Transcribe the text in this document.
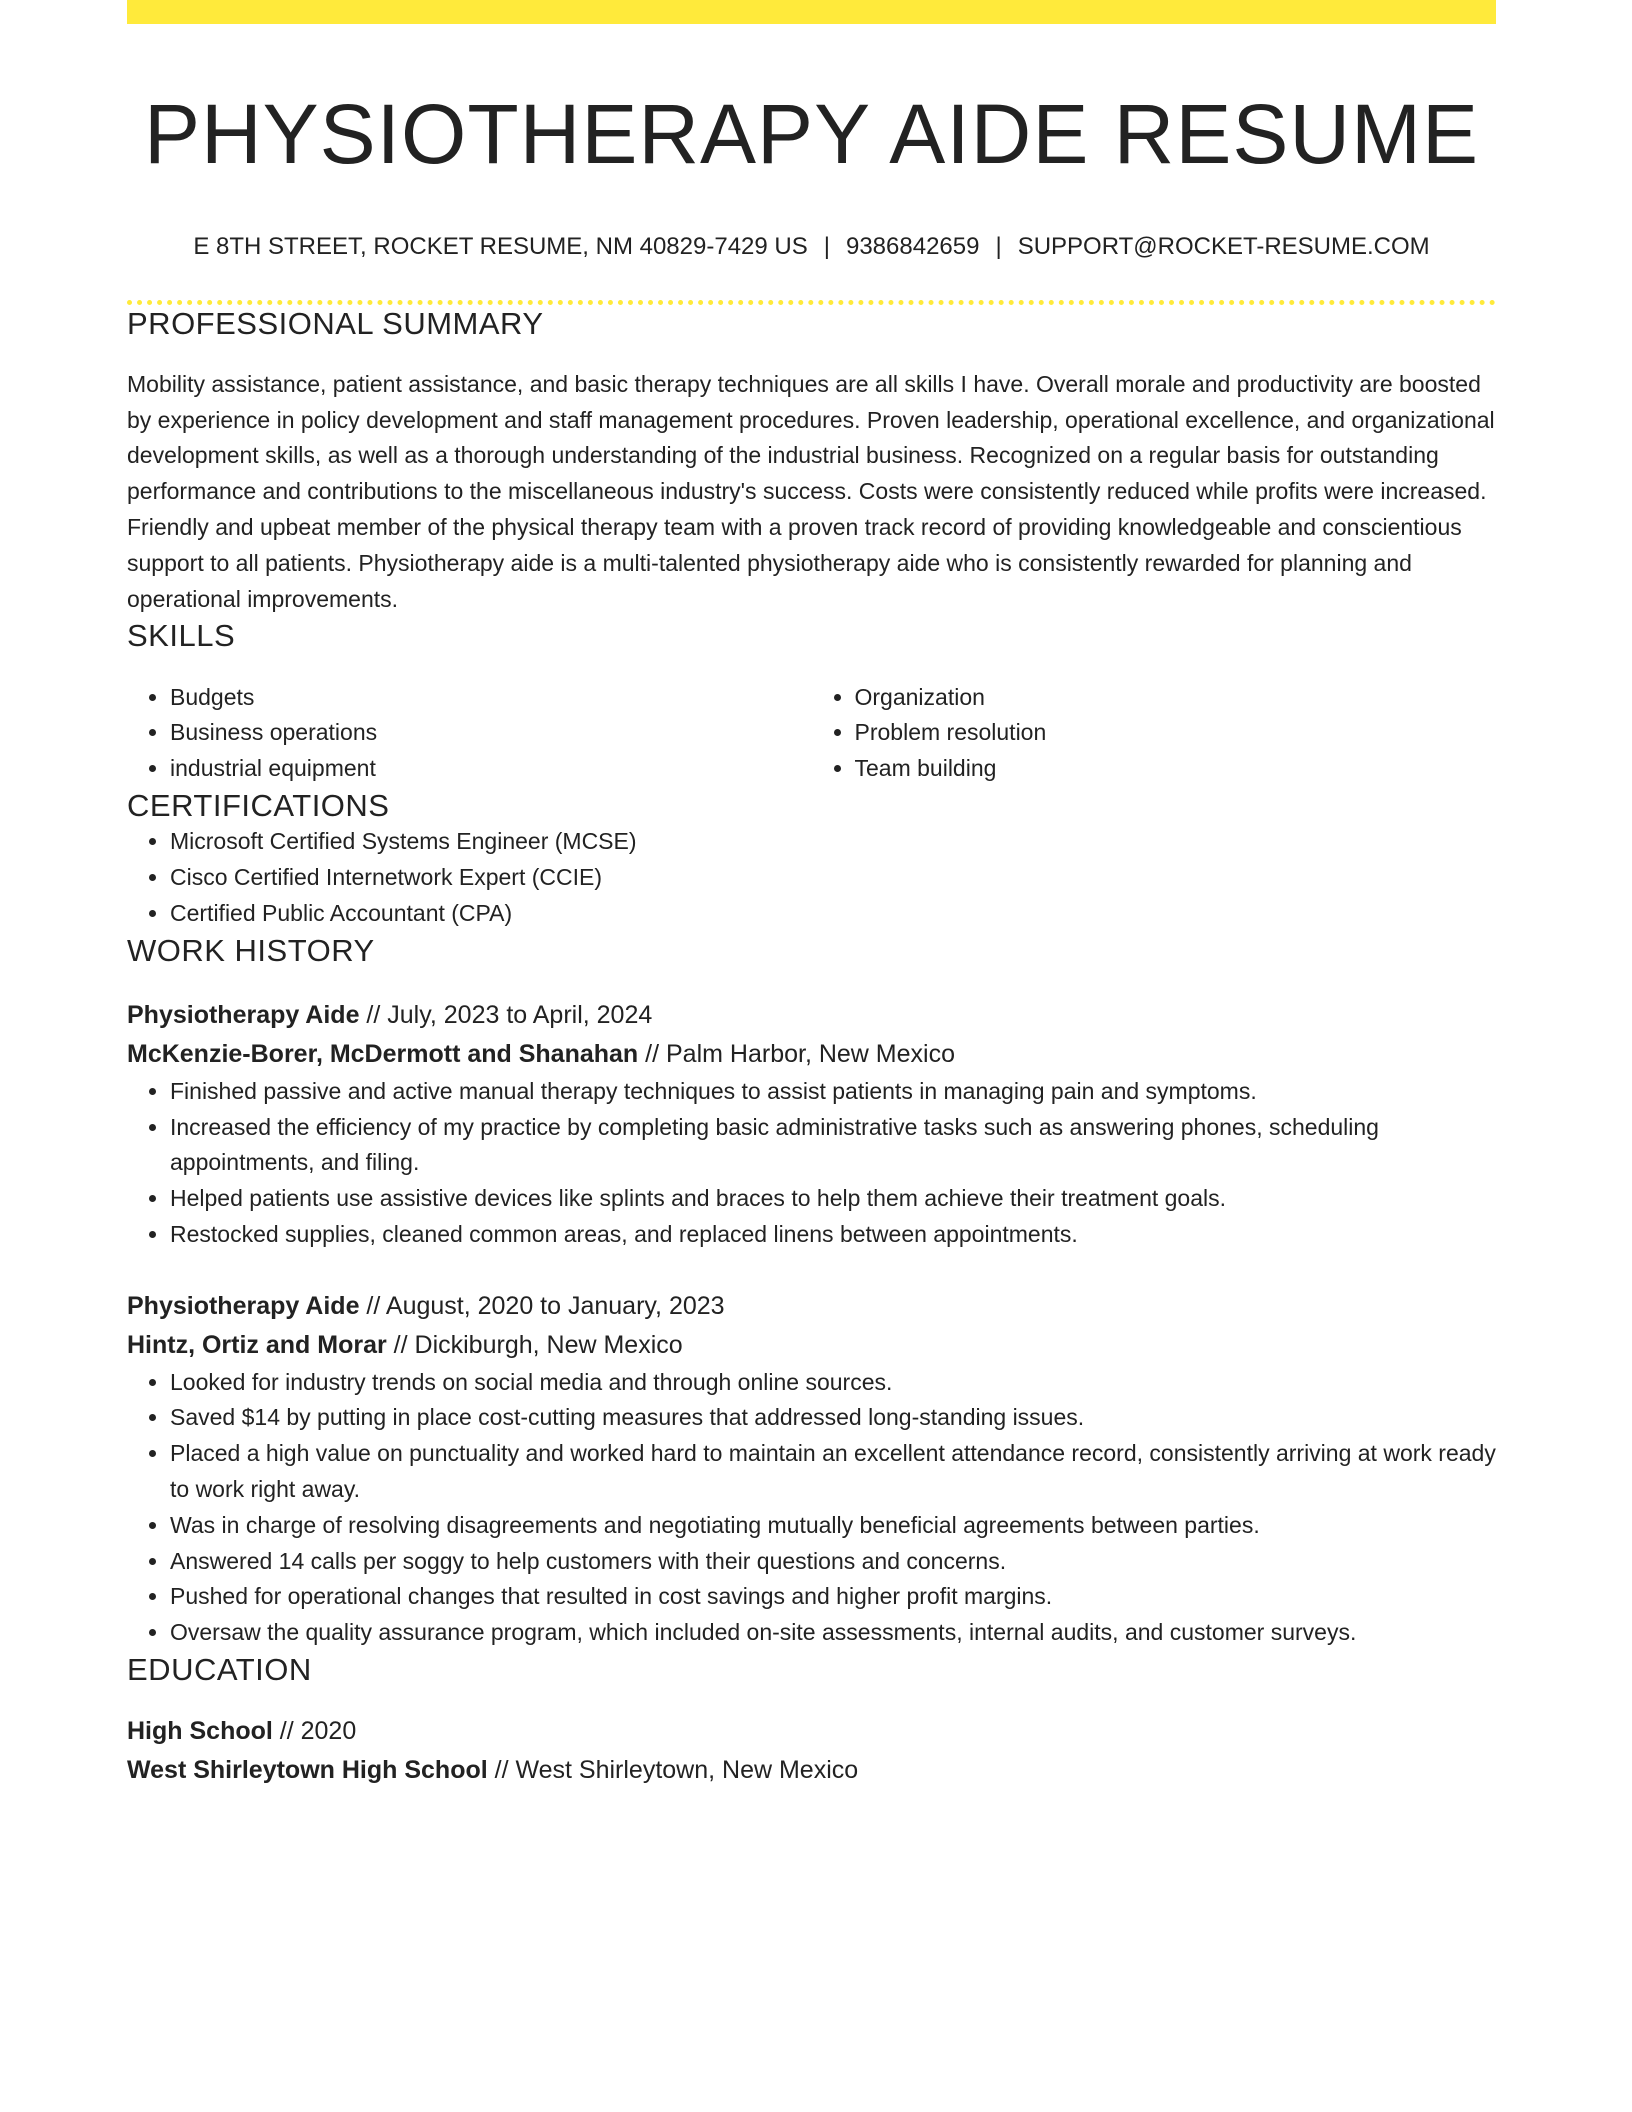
PHYSIOTHERAPY AIDE RESUME
E 8TH STREET, ROCKET RESUME, NM 40829-7429 US | 9386842659 | SUPPORT@ROCKET-RESUME.COM
PROFESSIONAL SUMMARY

Mobility assistance, patient assistance, and basic therapy techniques are all skills I have. Overall morale and productivity are boosted by experience in policy development and staff management procedures. Proven leadership, operational excellence, and organizational development skills, as well as a thorough understanding of the industrial business. Recognized on a regular basis for outstanding performance and contributions to the miscellaneous industry's success. Costs were consistently reduced while profits were increased. Friendly and upbeat member of the physical therapy team with a proven track record of providing knowledgeable and conscientious support to all patients. Physiotherapy aide is a multi-talented physiotherapy aide who is consistently rewarded for planning and operational improvements.

SKILLS
• Budgets
• Business operations
• industrial equipment
• Organization
• Problem resolution
• Team building
CERTIFICATIONS
• Microsoft Certified Systems Engineer (MCSE)
• Cisco Certified Internetwork Expert (CCIE)
• Certified Public Accountant (CPA)
WORK HISTORY
Physiotherapy Aide // July, 2023 to April, 2024
McKenzie-Borer, McDermott and Shanahan // Palm Harbor, New Mexico
• Finished passive and active manual therapy techniques to assist patients in managing pain and symptoms.
• Increased the efficiency of my practice by completing basic administrative tasks such as answering phones, scheduling appointments, and filing.
• Helped patients use assistive devices like splints and braces to help them achieve their treatment goals.
• Restocked supplies, cleaned common areas, and replaced linens between appointments.
Physiotherapy Aide // August, 2020 to January, 2023
Hintz, Ortiz and Morar // Dickiburgh, New Mexico
• Looked for industry trends on social media and through online sources.
• Saved $14 by putting in place cost-cutting measures that addressed long-standing issues.
• Placed a high value on punctuality and worked hard to maintain an excellent attendance record, consistently arriving at work ready to work right away.
• Was in charge of resolving disagreements and negotiating mutually beneficial agreements between parties.
• Answered 14 calls per soggy to help customers with their questions and concerns.
• Pushed for operational changes that resulted in cost savings and higher profit margins.
• Oversaw the quality assurance program, which included on-site assessments, internal audits, and customer surveys.
EDUCATION
High School // 2020
West Shirleytown High School // West Shirleytown, New Mexico
